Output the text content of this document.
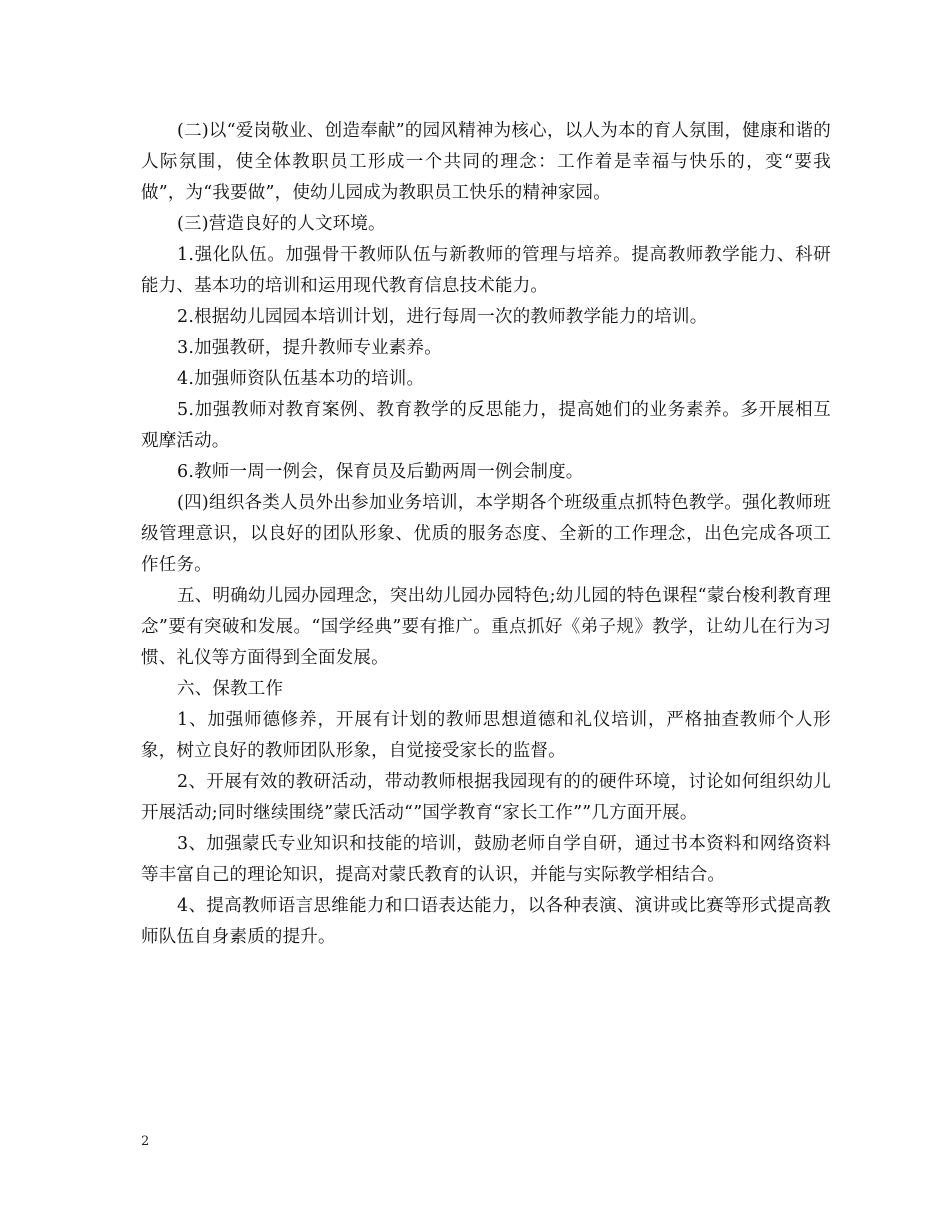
(二)以“爱岗敬业、创造奉献”的园风精神为核心，以人为本的育人氛围，健康和谐的人际氛围，使全体教职员工形成一个共同的理念：工作着是幸福与快乐的，变“要我做”，为“我要做”，使幼儿园成为教职员工快乐的精神家园。

(三)营造良好的人文环境。

1.强化队伍。加强骨干教师队伍与新教师的管理与培养。提高教师教学能力、科研能力、基本功的培训和运用现代教育信息技术能力。

2.根据幼儿园园本培训计划，进行每周一次的教师教学能力的培训。

3.加强教研，提升教师专业素养。

4.加强师资队伍基本功的培训。

5.加强教师对教育案例、教育教学的反思能力，提高她们的业务素养。多开展相互观摩活动。

6.教师一周一例会，保育员及后勤两周一例会制度。

(四)组织各类人员外出参加业务培训，本学期各个班级重点抓特色教学。强化教师班级管理意识，以良好的团队形象、优质的服务态度、全新的工作理念，出色完成各项工作任务。

五、明确幼儿园办园理念，突出幼儿园办园特色;幼儿园的特色课程“蒙台梭利教育理念”要有突破和发展。“国学经典”要有推广。重点抓好《弟子规》教学，让幼儿在行为习惯、礼仪等方面得到全面发展。

六、保教工作

1、加强师德修养，开展有计划的教师思想道德和礼仪培训，严格抽查教师个人形象，树立良好的教师团队形象，自觉接受家长的监督。

2、开展有效的教研活动，带动教师根据我园现有的的硬件环境，讨论如何组织幼儿开展活动;同时继续围绕”蒙氏活动“”国学教育“家长工作””几方面开展。

3、加强蒙氏专业知识和技能的培训，鼓励老师自学自研，通过书本资料和网络资料等丰富自己的理论知识，提高对蒙氏教育的认识，并能与实际教学相结合。

4、提高教师语言思维能力和口语表达能力，以各种表演、演讲或比赛等形式提高教师队伍自身素质的提升。

2
